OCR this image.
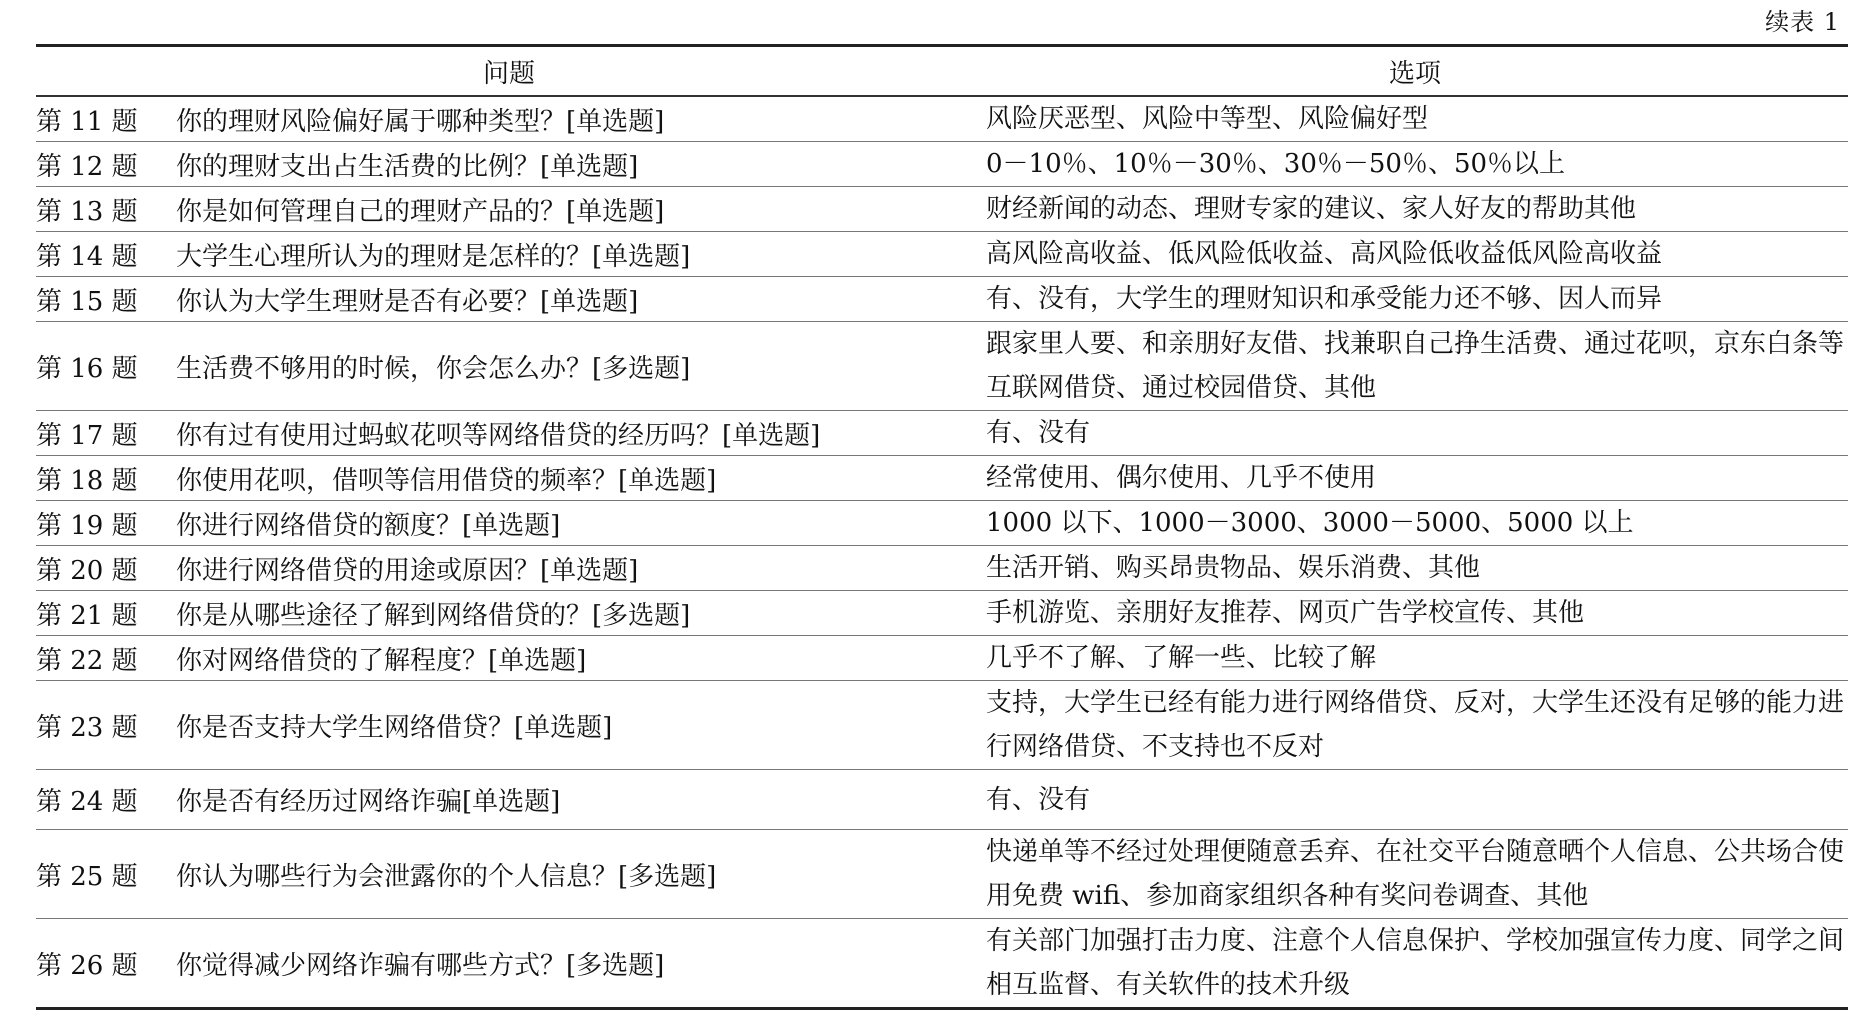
续表 1
问题		选项
第 11 题	你的理财风险偏好属于哪种类型？[单选题]	风险厌恶型、风险中等型、风险偏好型
第 12 题	你的理财支出占生活费的比例？[单选题]	0－10％、10％－30％、30％－50％、50％以上
第 13 题	你是如何管理自己的理财产品的？[单选题]	财经新闻的动态、理财专家的建议、家人好友的帮助其他
第 14 题	大学生心理所认为的理财是怎样的？[单选题]	高风险高收益、低风险低收益、高风险低收益低风险高收益
第 15 题	你认为大学生理财是否有必要？[单选题]	有、没有，大学生的理财知识和承受能力还不够、因人而异
第 16 题	生活费不够用的时候，你会怎么办？[多选题]	跟家里人要、和亲朋好友借、找兼职自己挣生活费、通过花呗，京东白条等互联网借贷、通过校园借贷、其他
第 17 题	你有过有使用过蚂蚁花呗等网络借贷的经历吗？[单选题]	有、没有
第 18 题	你使用花呗，借呗等信用借贷的频率？[单选题]	经常使用、偶尔使用、几乎不使用
第 19 题	你进行网络借贷的额度？[单选题]	1000 以下、1000－3000、3000－5000、5000 以上
第 20 题	你进行网络借贷的用途或原因？[单选题]	生活开销、购买昂贵物品、娱乐消费、其他
第 21 题	你是从哪些途径了解到网络借贷的？[多选题]	手机游览、亲朋好友推荐、网页广告学校宣传、其他
第 22 题	你对网络借贷的了解程度？[单选题]	几乎不了解、了解一些、比较了解
第 23 题	你是否支持大学生网络借贷？[单选题]	支持，大学生已经有能力进行网络借贷、反对，大学生还没有足够的能力进行网络借贷、不支持也不反对
第 24 题	你是否有经历过网络诈骗[单选题]	有、没有
第 25 题	你认为哪些行为会泄露你的个人信息？[多选题]	快递单等不经过处理便随意丢弃、在社交平台随意晒个人信息、公共场合使用免费 wifi、参加商家组织各种有奖问卷调查、其他
第 26 题	你觉得减少网络诈骗有哪些方式？[多选题]	有关部门加强打击力度、注意个人信息保护、学校加强宣传力度、同学之间相互监督、有关软件的技术升级
